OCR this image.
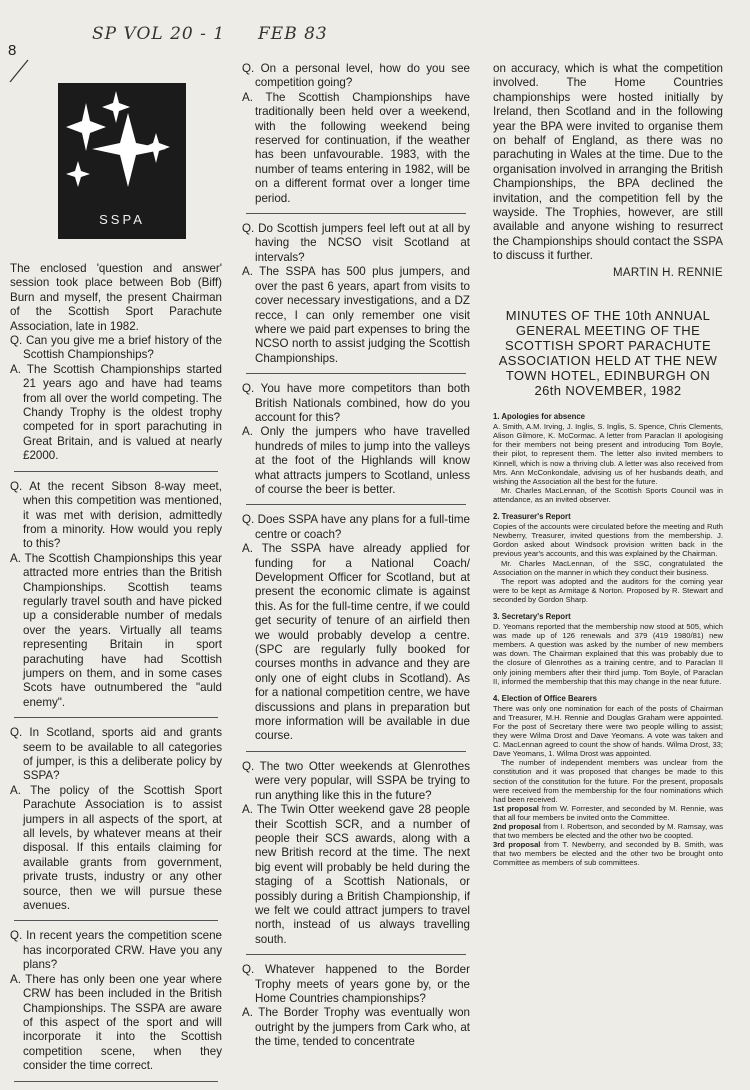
8
SP VOL 20 - 1 FEB 83
SSPA

The enclosed 'question and answer' session took place between Bob (Biff) Burn and myself, the present Chairman of the Scottish Sport Parachute Association, late in 1982.

Q. Can you give me a brief history of the Scottish Championships?

A. The Scottish Championships started 21 years ago and have had teams from all over the world competing. The Chandy Trophy is the oldest trophy competed for in sport parachuting in Great Britain, and is valued at nearly £2000.

Q. At the recent Sibson 8-way meet, when this competition was mentioned, it was met with derision, admittedly from a minority. How would you reply to this?

A. The Scottish Championships this year attracted more entries than the British Championships. Scottish teams regularly travel south and have picked up a considerable number of medals over the years. Virtually all teams representing Britain in sport parachuting have had Scottish jumpers on them, and in some cases Scots have outnumbered the "auld enemy".

Q. In Scotland, sports aid and grants seem to be available to all categories of jumper, is this a deliberate policy by SSPA?

A. The policy of the Scottish Sport Parachute Association is to assist jumpers in all aspects of the sport, at all levels, by whatever means at their disposal. If this entails claiming for available grants from government, private trusts, industry or any other source, then we will pursue these avenues.

Q. In recent years the competition scene has incorporated CRW. Have you any plans?

A. There has only been one year where CRW has been included in the British Championships. The SSPA are aware of this aspect of the sport and will incorporate it into the Scottish competition scene, when they consider the time correct.

Q. On a personal level, how do you see competition going?

A. The Scottish Championships have traditionally been held over a weekend, with the following weekend being reserved for continuation, if the weather has been unfavourable. 1983, with the number of teams entering in 1982, will be on a different format over a longer time period.

Q. Do Scottish jumpers feel left out at all by having the NCSO visit Scotland at intervals?

A. The SSPA has 500 plus jumpers, and over the past 6 years, apart from visits to cover necessary investigations, and a DZ recce, I can only remember one visit where we paid part expenses to bring the NCSO north to assist judging the Scottish Championships.

Q. You have more competitors than both British Nationals combined, how do you account for this?

A. Only the jumpers who have travelled hundreds of miles to jump into the valleys at the foot of the Highlands will know what attracts jumpers to Scotland, unless of course the beer is better.

Q. Does SSPA have any plans for a full-time centre or coach?

A. The SSPA have already applied for funding for a National Coach/ Development Officer for Scotland, but at present the economic climate is against this. As for the full-time centre, if we could get security of tenure of an airfield then we would probably develop a centre. (SPC are regularly fully booked for courses months in advance and they are only one of eight clubs in Scotland). As for a national competition centre, we have discussions and plans in preparation but more information will be available in due course.

Q. The two Otter weekends at Glenrothes were very popular, will SSPA be trying to run anything like this in the future?

A. The Twin Otter weekend gave 28 people their Scottish SCR, and a number of people their SCS awards, along with a new British record at the time. The next big event will probably be held during the staging of a Scottish Nationals, or possibly during a British Championship, if we felt we could attract jumpers to travel north, instead of us always travelling south.

Q. Whatever happened to the Border Trophy meets of years gone by, or the Home Countries championships?

A. The Border Trophy was eventually won outright by the jumpers from Cark who, at the time, tended to concentrate

on accuracy, which is what the competition involved. The Home Countries championships were hosted initially by Ireland, then Scotland and in the following year the BPA were invited to organise them on behalf of England, as there was no parachuting in Wales at the time. Due to the organisation involved in arranging the British Championships, the BPA declined the invitation, and the competition fell by the wayside. The Trophies, however, are still available and anyone wishing to resurrect the Championships should contact the SSPA to discuss it further.

MARTIN H. RENNIE
MINUTES OF THE 10th ANNUAL GENERAL MEETING OF THE SCOTTISH SPORT PARACHUTE ASSOCIATION HELD AT THE NEW TOWN HOTEL, EDINBURGH ON 26th NOVEMBER, 1982
1. Apologies for absence

A. Smith, A.M. Irving, J. Inglis, S. Inglis, S. Spence, Chris Clements, Alison Gilmore, K. McCormac. A letter from Paraclan II apologising for their members not being present and introducing Tom Boyle, their pilot, to represent them. The letter also invited members to Kinnell, which is now a thriving club. A letter was also received from Mrs. Ann McConkondale, advising us of her husbands death, and wishing the Association all the best for the future.

Mr. Charles MacLennan, of the Scottish Sports Council was in attendance, as an invited observer.

2. Treasurer's Report

Copies of the accounts were circulated before the meeting and Ruth Newberry, Treasurer, invited questions from the membership. J. Gordon asked about Windsock provision written back in the previous year's accounts, and this was explained by the Chairman.

Mr. Charles MacLennan, of the SSC, congratulated the Association on the manner in which they conduct their business.

The report was adopted and the auditors for the coming year were to be kept as Armitage & Norton. Proposed by R. Stewart and seconded by Gordon Sharp.

3. Secretary's Report

D. Yeomans reported that the membership now stood at 505, which was made up of 126 renewals and 379 (419 1980/81) new members. A question was asked by the number of new members was down. The Chairman explained that this was probably due to the closure of Glenrothes as a training centre, and to Paraclan II only joining members after their third jump. Tom Boyle, of Paraclan II, informed the membership that this may change in the near future.

4. Election of Office Bearers

There was only one nomination for each of the posts of Chairman and Treasurer, M.H. Rennie and Douglas Graham were appointed. For the post of Secretary there were two people willing to assist; they were Wilma Drost and Dave Yeomans. A vote was taken and C. MacLennan agreed to count the show of hands. Wilma Drost, 33; Dave Yeomans, 1. Wilma Drost was appointed.

The number of independent members was unclear from the constitution and it was proposed that changes be made to this section of the constitution for the future. For the present, proposals were received from the membership for the four nominations which had been received.

1st proposal from W. Forrester, and seconded by M. Rennie, was that all four members be invited onto the Committee.

2nd proposal from I. Robertson, and seconded by M. Ramsay, was that two members be elected and the other two be coopted.

3rd proposal from T. Newberry, and seconded by B. Smith, was that two members be elected and the other two be brought onto Committee as members of sub committees.
